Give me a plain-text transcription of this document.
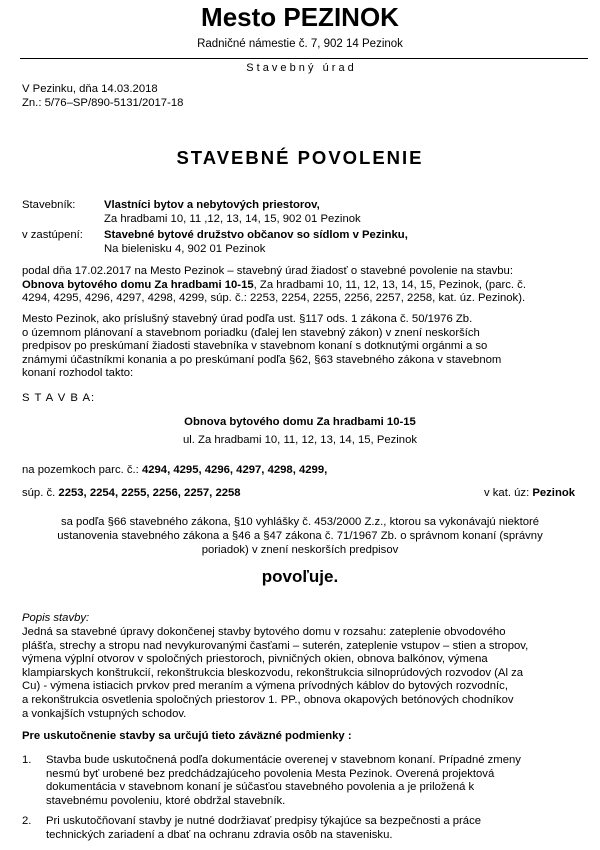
Mesto PEZINOK
Radničné námestie č. 7, 902 14 Pezinok
S t a v e b n ý   ú r a d
V Pezinku, dňa 14.03.2018
Zn.: 5/76–SP/890-5131/2017-18
STAVEBNÉ POVOLENIE
Stavebník:	Vlastníci bytov a nebytových priestorov,
Za hradbami 10, 11 ,12, 13, 14, 15, 902 01 Pezinok
v zastúpení: Stavebné bytové družstvo občanov so sídlom v Pezinku,
Na bielenisku 4, 902 01 Pezinok
podal dňa 17.02.2017 na Mesto Pezinok – stavebný úrad žiadosť o stavebné povolenie na stavbu:
Obnova bytového domu Za hradbami 10-15, Za hradbami 10, 11, 12, 13, 14, 15, Pezinok, (parc. č.
4294, 4295, 4296, 4297, 4298, 4299, súp. č.: 2253, 2254, 2255, 2256, 2257, 2258, kat. úz. Pezinok).
Mesto Pezinok, ako príslušný stavebný úrad podľa ust. §117 ods. 1 zákona č. 50/1976 Zb.
o územnom plánovaní a stavebnom poriadku (ďalej len stavebný zákon) v znení neskorších
predpisov po preskúmaní žiadosti stavebníka v stavebnom konaní s dotknutými orgánmi a so
známymi účastníkmi konania a po preskúmaní podľa §62, §63 stavebného zákona v stavebnom
konaní rozhodol takto:
S T A V B A:
Obnova bytového domu Za hradbami 10-15
ul. Za hradbami 10, 11, 12, 13, 14, 15, Pezinok
na pozemkoch parc. č.: 4294, 4295, 4296, 4297, 4298, 4299,
súp. č. 2253, 2254, 2255, 2256, 2257, 2258	v kat. úz: Pezinok
sa podľa §66 stavebného zákona, §10 vyhlášky č. 453/2000 Z.z., ktorou sa vykonávajú niektoré
ustanovenia stavebného zákona a §46 a §47 zákona č. 71/1967 Zb. o správnom konaní (správny
poriadok) v znení neskorších predpisov
povoľuje.
Popis stavby:
Jedná sa stavebné úpravy dokončenej stavby bytového domu v rozsahu: zateplenie obvodového
plášťa, strechy a stropu nad nevykurovanými časťami – suterén, zateplenie vstupov – stien a stropov,
výmena výplní otvorov v spoločných priestoroch, pivničných okien, obnova balkónov, výmena
klampiarskych konštrukcií, rekonštrukcia bleskozvodu, rekonštrukcia silnoprúdových rozvodov (Al za
Cu) - výmena istiacich prvkov pred meraním a výmena prívodných káblov do bytových rozvodníc,
a rekonštrukcia osvetlenia spoločných priestorov 1. PP., obnova okapových betónových chodníkov
a vonkajších vstupných schodov.
Pre uskutočnenie stavby sa určujú tieto záväzné podmienky :
1. Stavba bude uskutočnená podľa dokumentácie overenej v stavebnom konaní. Prípadné zmeny
nesmú byť urobené bez predchádzajúceho povolenia Mesta Pezinok. Overená projektová
dokumentácia v stavebnom konaní je súčasťou stavebného povolenia a je priložená k
stavebnému povoleniu, ktoré obdržal stavebník.
2. Pri uskutočňovaní stavby je nutné dodržiavať predpisy týkajúce sa bezpečnosti a práce
technických zariadení a dbať na ochranu zdravia osôb na stavenisku.
